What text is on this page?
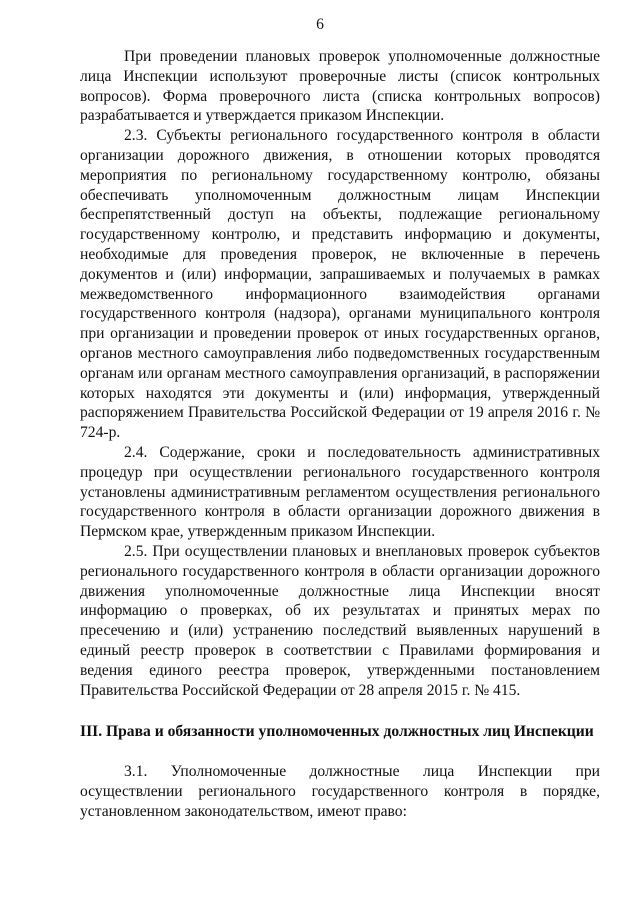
6

При проведении плановых проверок уполномоченные должностные лица Инспекции используют проверочные листы (список контрольных вопросов). Форма проверочного листа (списка контрольных вопросов) разрабатывается и утверждается приказом Инспекции.

2.3. Субъекты регионального государственного контроля в области организации дорожного движения, в отношении которых проводятся мероприятия по региональному государственному контролю, обязаны обеспечивать уполномоченным должностным лицам Инспекции беспрепятственный доступ на объекты, подлежащие региональному государственному контролю, и представить информацию и документы, необходимые для проведения проверок, не включенные в перечень документов и (или) информации, запрашиваемых и получаемых в рамках межведомственного информационного взаимодействия органами государственного контроля (надзора), органами муниципального контроля при организации и проведении проверок от иных государственных органов, органов местного самоуправления либо подведомственных государственным органам или органам местного самоуправления организаций, в распоряжении которых находятся эти документы и (или) информация, утвержденный распоряжением Правительства Российской Федерации от 19 апреля 2016 г. № 724-р.

2.4. Содержание, сроки и последовательность административных процедур при осуществлении регионального государственного контроля установлены административным регламентом осуществления регионального государственного контроля в области организации дорожного движения в Пермском крае, утвержденным приказом Инспекции.

2.5. При осуществлении плановых и внеплановых проверок субъектов регионального государственного контроля в области организации дорожного движения уполномоченные должностные лица Инспекции вносят информацию о проверках, об их результатах и принятых мерах по пресечению и (или) устранению последствий выявленных нарушений в единый реестр проверок в соответствии с Правилами формирования и ведения единого реестра проверок, утвержденными постановлением Правительства Российской Федерации от 28 апреля 2015 г. № 415.

III. Права и обязанности уполномоченных должностных лиц Инспекции

3.1. Уполномоченные должностные лица Инспекции при осуществлении регионального государственного контроля в порядке, установленном законодательством, имеют право:
